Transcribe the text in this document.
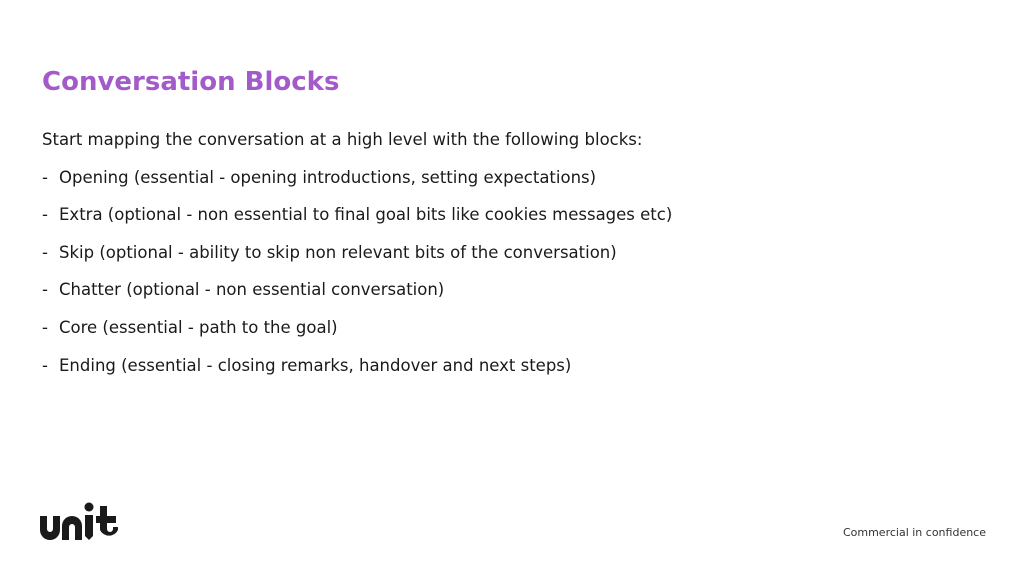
Conversation Blocks

Start mapping the conversation at a high level with the following blocks:

- Opening (essential - opening introductions, setting expectations)
- Extra (optional - non essential to final goal bits like cookies messages etc)
- Skip (optional - ability to skip non relevant bits of the conversation)
- Chatter (optional - non essential conversation)
- Core (essential - path to the goal)
- Ending (essential - closing remarks, handover and next steps)
Commercial in confidence
